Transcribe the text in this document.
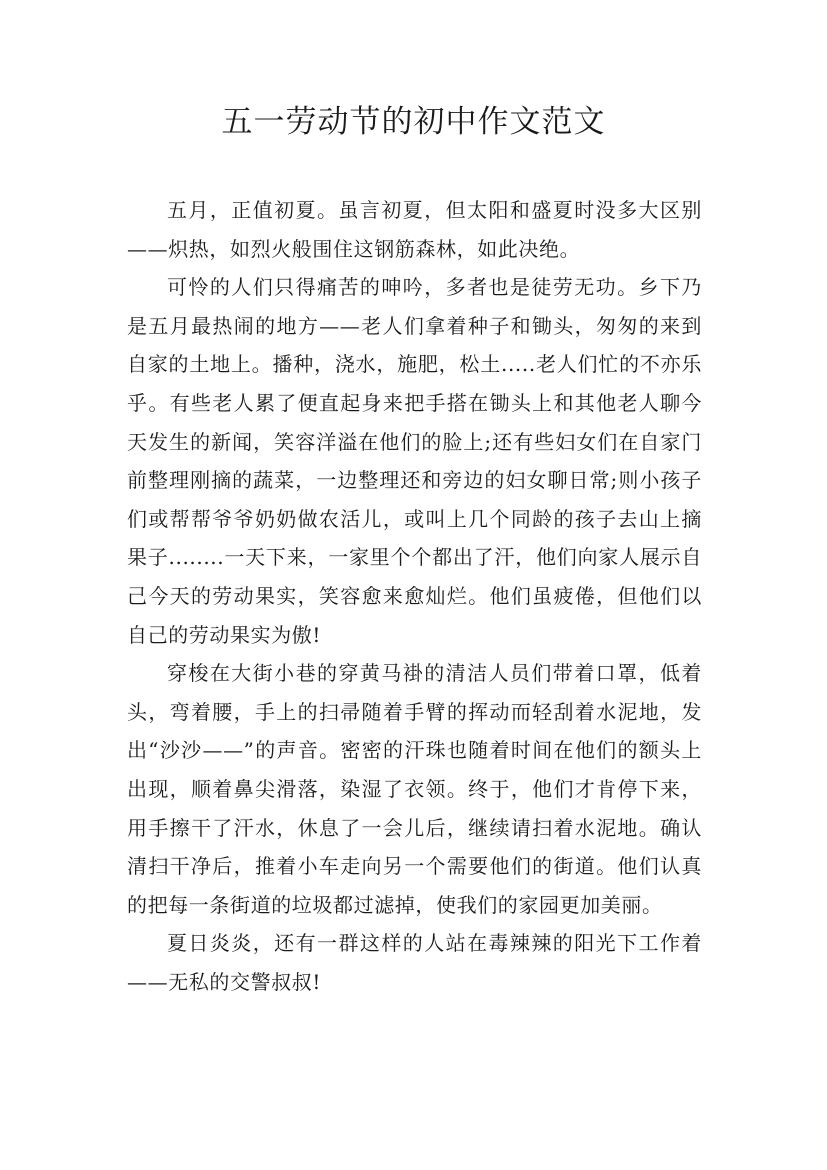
五一劳动节的初中作文范文

五月，正值初夏。虽言初夏，但太阳和盛夏时没多大区别——炽热，如烈火般围住这钢筋森林，如此决绝。

可怜的人们只得痛苦的呻吟，多者也是徒劳无功。乡下乃是五月最热闹的地方——老人们拿着种子和锄头，匆匆的来到自家的土地上。播种，浇水，施肥，松土.....老人们忙的不亦乐乎。有些老人累了便直起身来把手搭在锄头上和其他老人聊今天发生的新闻，笑容洋溢在他们的脸上;还有些妇女们在自家门前整理刚摘的蔬菜，一边整理还和旁边的妇女聊日常;则小孩子们或帮帮爷爷奶奶做农活儿，或叫上几个同龄的孩子去山上摘果子........一天下来，一家里个个都出了汗，他们向家人展示自己今天的劳动果实，笑容愈来愈灿烂。他们虽疲倦，但他们以自己的劳动果实为傲!

穿梭在大街小巷的穿黄马褂的清洁人员们带着口罩，低着头，弯着腰，手上的扫帚随着手臂的挥动而轻刮着水泥地，发出“沙沙——”的声音。密密的汗珠也随着时间在他们的额头上出现，顺着鼻尖滑落，染湿了衣领。终于，他们才肯停下来，用手擦干了汗水，休息了一会儿后，继续请扫着水泥地。确认清扫干净后，推着小车走向另一个需要他们的街道。他们认真的把每一条街道的垃圾都过滤掉，使我们的家园更加美丽。

夏日炎炎，还有一群这样的人站在毒辣辣的阳光下工作着——无私的交警叔叔!
